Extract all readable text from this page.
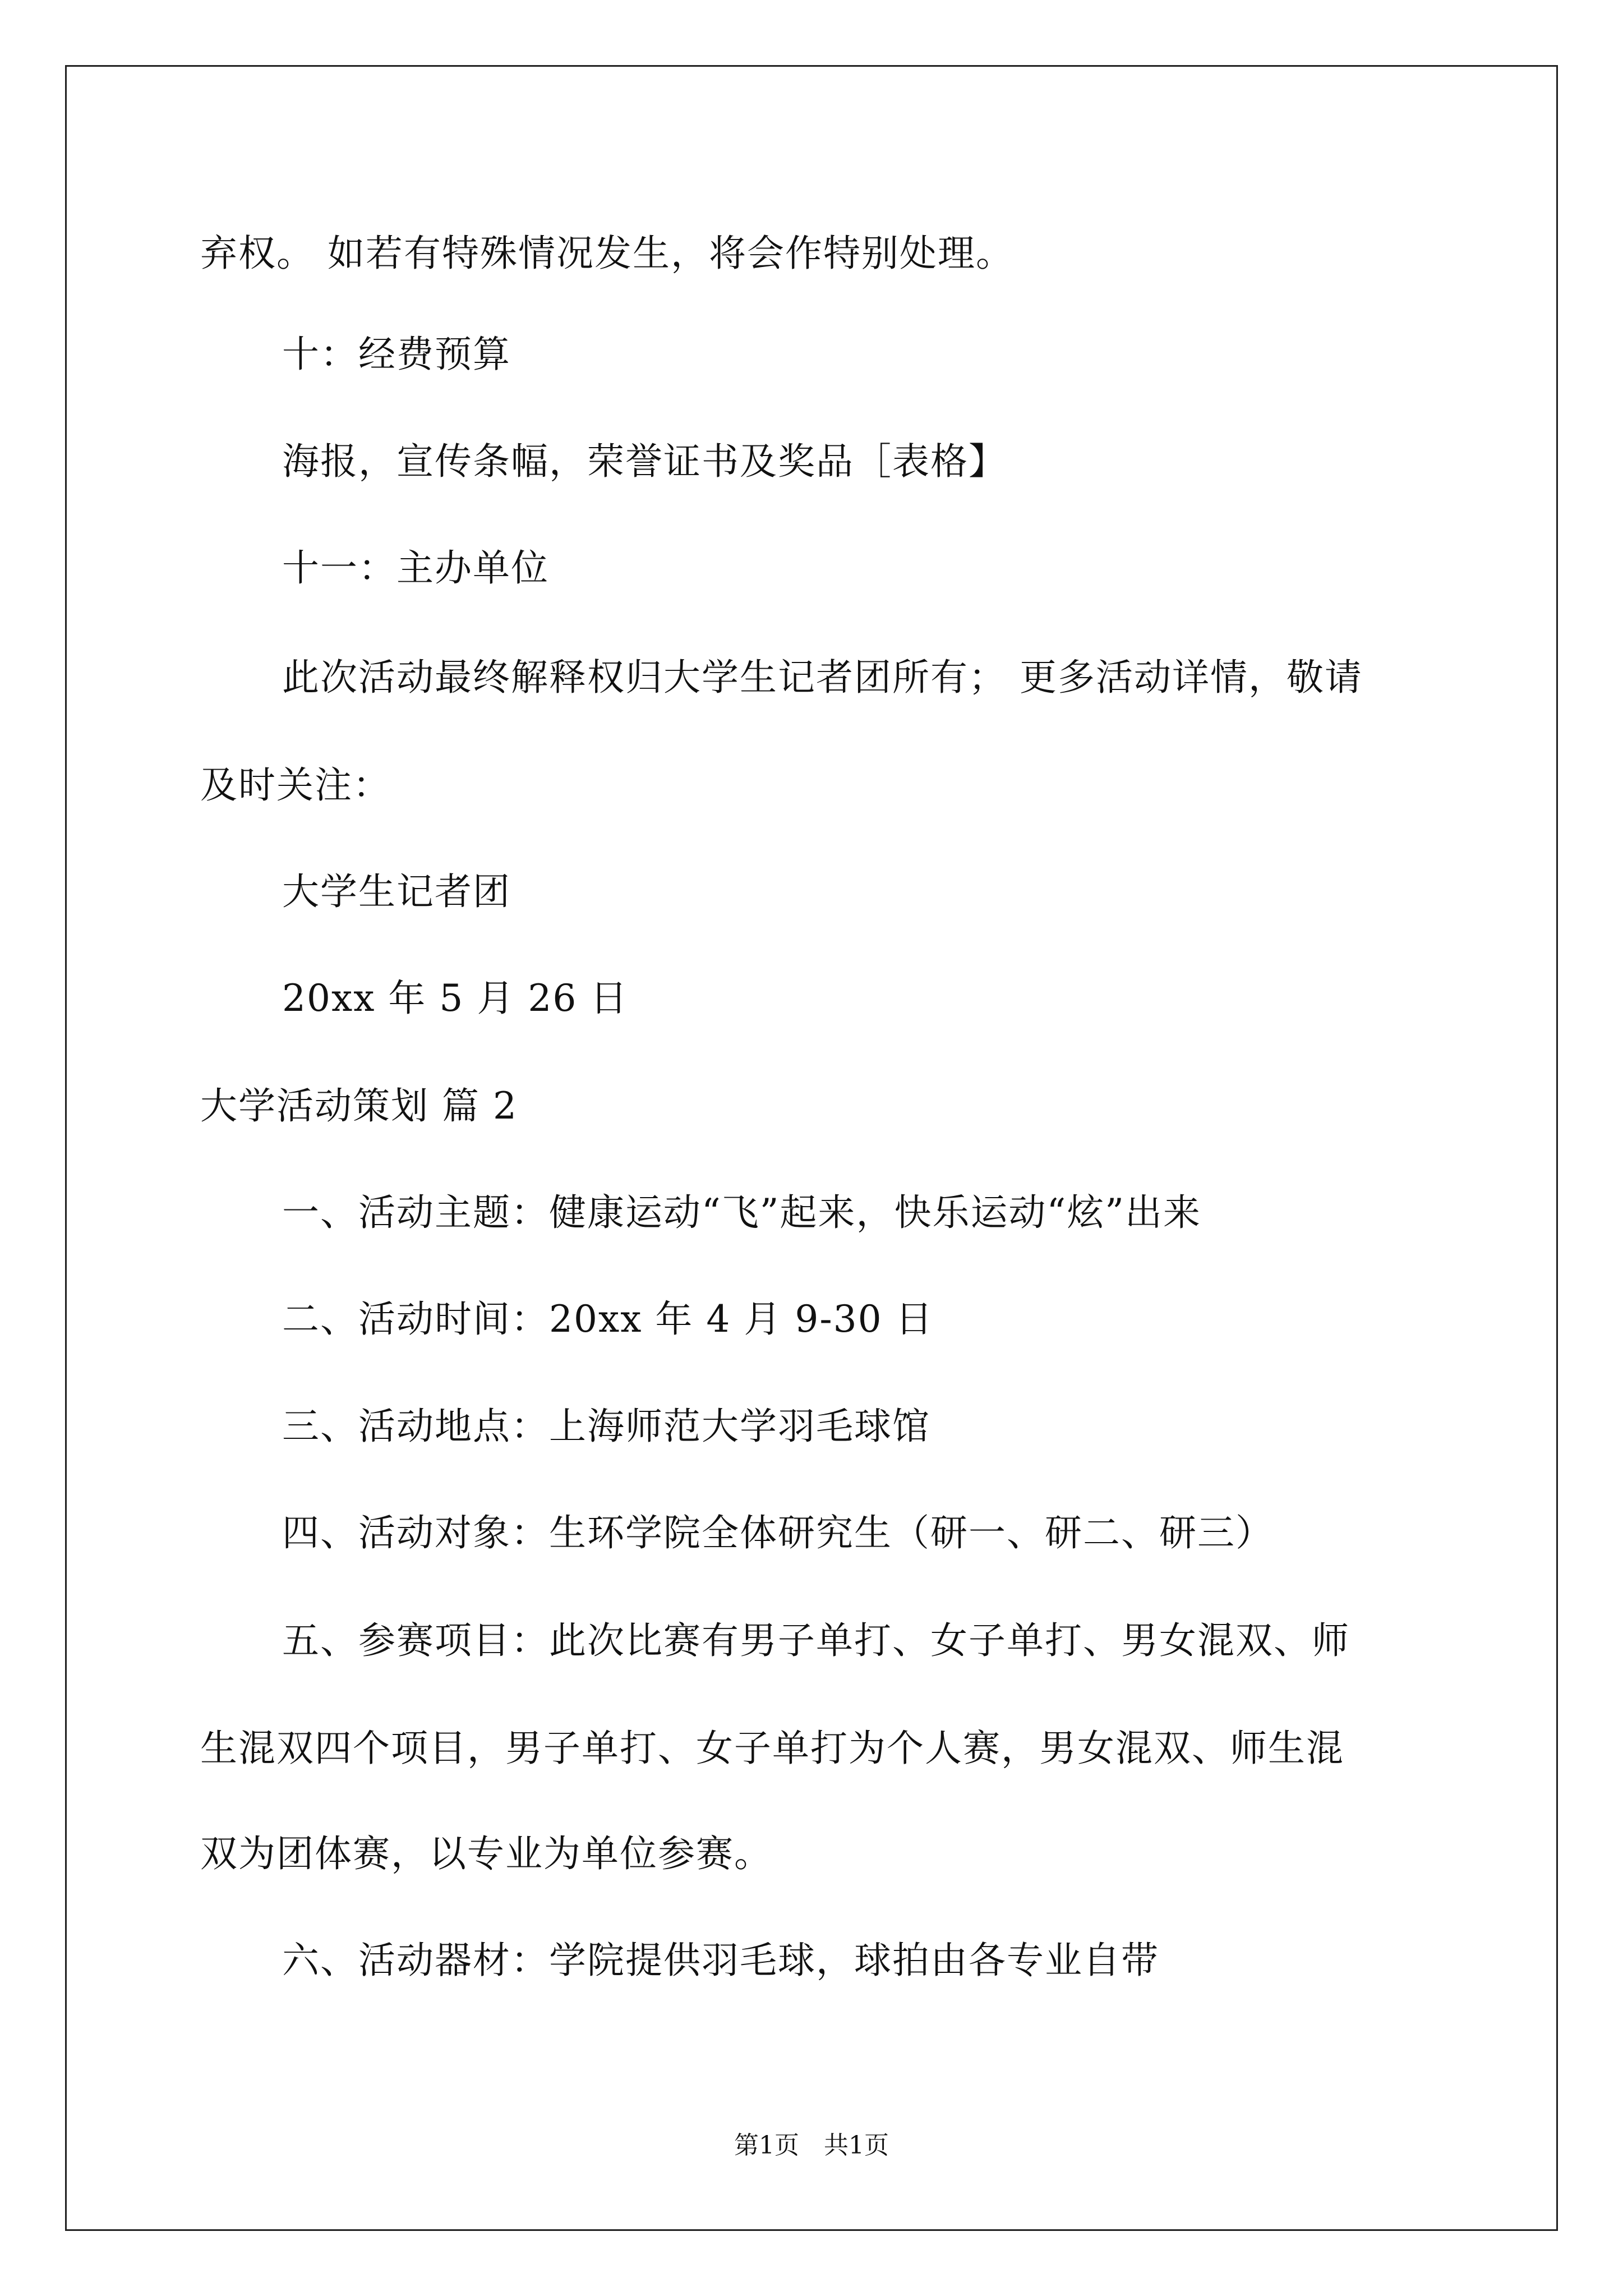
弃权。 如若有特殊情况发生，将会作特别处理。
十：经费预算
海报，宣传条幅，荣誉证书及奖品［表格】
十一：主办单位
此次活动最终解释权归大学生记者团所有； 更多活动详情，敬请
及时关注：
大学生记者团
20xx 年 5 月 26 日
大学活动策划 篇 2
一、活动主题：健康运动“飞”起来，快乐运动“炫”出来
二、活动时间：20xx 年 4 月 9-30 日
三、活动地点：上海师范大学羽毛球馆
四、活动对象：生环学院全体研究生（研一、研二、研三）
五、参赛项目：此次比赛有男子单打、女子单打、男女混双、师
生混双四个项目，男子单打、女子单打为个人赛，男女混双、师生混
双为团体赛，以专业为单位参赛。
六、活动器材：学院提供羽毛球，球拍由各专业自带
第1页　共1页
